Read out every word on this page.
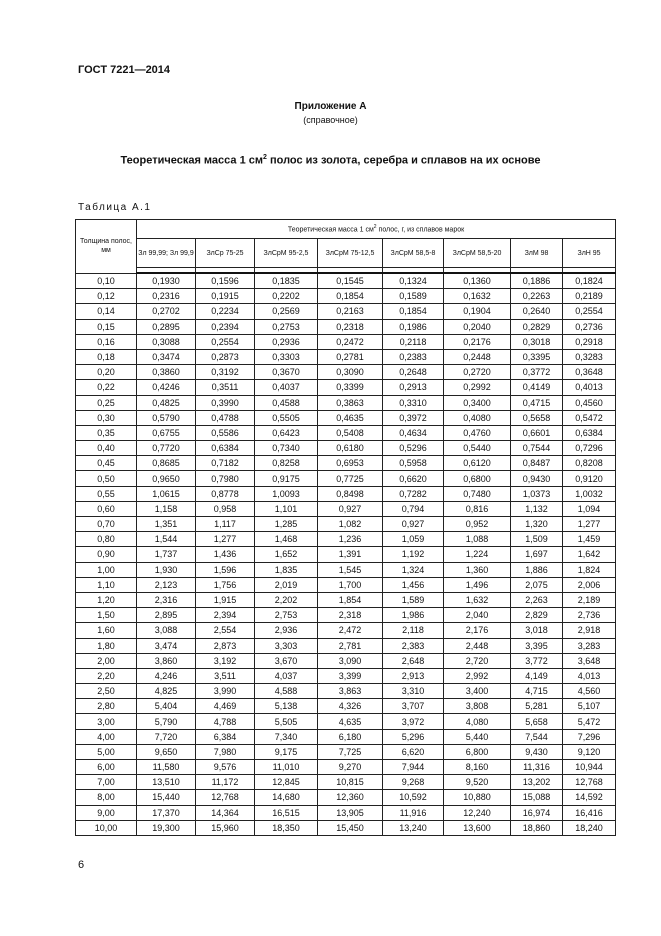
ГОСТ 7221—2014
Приложение А
(справочное)
Теоретическая масса 1 $см^2$ полос из золота, серебра и сплавов на их основе
Таблица А.1
Толщина полос, мм	Теоретическая масса 1 $см^2$ полос, г, из сплавов марок							
	Зл 99,99; Зл 99,9	ЗлСр 75-25	ЗлСрМ 95-2,5	ЗлСрМ 75-12,5	ЗлСрМ 58,5-8	ЗлСрМ 58,5-20	ЗлМ 98	ЗлН 95

0,10	0,1930	0,1596	0,1835	0,1545	0,1324	0,1360	0,1886	0,1824
0,12	0,2316	0,1915	0,2202	0,1854	0,1589	0,1632	0,2263	0,2189
0,14	0,2702	0,2234	0,2569	0,2163	0,1854	0,1904	0,2640	0,2554
0,15	0,2895	0,2394	0,2753	0,2318	0,1986	0,2040	0,2829	0,2736
0,16	0,3088	0,2554	0,2936	0,2472	0,2118	0,2176	0,3018	0,2918
0,18	0,3474	0,2873	0,3303	0,2781	0,2383	0,2448	0,3395	0,3283
0,20	0,3860	0,3192	0,3670	0,3090	0,2648	0,2720	0,3772	0,3648
0,22	0,4246	0,3511	0,4037	0,3399	0,2913	0,2992	0,4149	0,4013
0,25	0,4825	0,3990	0,4588	0,3863	0,3310	0,3400	0,4715	0,4560
0,30	0,5790	0,4788	0,5505	0,4635	0,3972	0,4080	0,5658	0,5472
0,35	0,6755	0,5586	0,6423	0,5408	0,4634	0,4760	0,6601	0,6384
0,40	0,7720	0,6384	0,7340	0,6180	0,5296	0,5440	0,7544	0,7296
0,45	0,8685	0,7182	0,8258	0,6953	0,5958	0,6120	0,8487	0,8208
0,50	0,9650	0,7980	0,9175	0,7725	0,6620	0,6800	0,9430	0,9120
0,55	1,0615	0,8778	1,0093	0,8498	0,7282	0,7480	1,0373	1,0032
0,60	1,158	0,958	1,101	0,927	0,794	0,816	1,132	1,094
0,70	1,351	1,117	1,285	1,082	0,927	0,952	1,320	1,277
0,80	1,544	1,277	1,468	1,236	1,059	1,088	1,509	1,459
0,90	1,737	1,436	1,652	1,391	1,192	1,224	1,697	1,642
1,00	1,930	1,596	1,835	1,545	1,324	1,360	1,886	1,824
1,10	2,123	1,756	2,019	1,700	1,456	1,496	2,075	2,006
1,20	2,316	1,915	2,202	1,854	1,589	1,632	2,263	2,189
1,50	2,895	2,394	2,753	2,318	1,986	2,040	2,829	2,736
1,60	3,088	2,554	2,936	2,472	2,118	2,176	3,018	2,918
1,80	3,474	2,873	3,303	2,781	2,383	2,448	3,395	3,283
2,00	3,860	3,192	3,670	3,090	2,648	2,720	3,772	3,648
2,20	4,246	3,511	4,037	3,399	2,913	2,992	4,149	4,013
2,50	4,825	3,990	4,588	3,863	3,310	3,400	4,715	4,560
2,80	5,404	4,469	5,138	4,326	3,707	3,808	5,281	5,107
3,00	5,790	4,788	5,505	4,635	3,972	4,080	5,658	5,472
4,00	7,720	6,384	7,340	6,180	5,296	5,440	7,544	7,296
5,00	9,650	7,980	9,175	7,725	6,620	6,800	9,430	9,120
6,00	11,580	9,576	11,010	9,270	7,944	8,160	11,316	10,944
7,00	13,510	11,172	12,845	10,815	9,268	9,520	13,202	12,768
8,00	15,440	12,768	14,680	12,360	10,592	10,880	15,088	14,592
9,00	17,370	14,364	16,515	13,905	11,916	12,240	16,974	16,416
10,00	19,300	15,960	18,350	15,450	13,240	13,600	18,860	18,240
6
